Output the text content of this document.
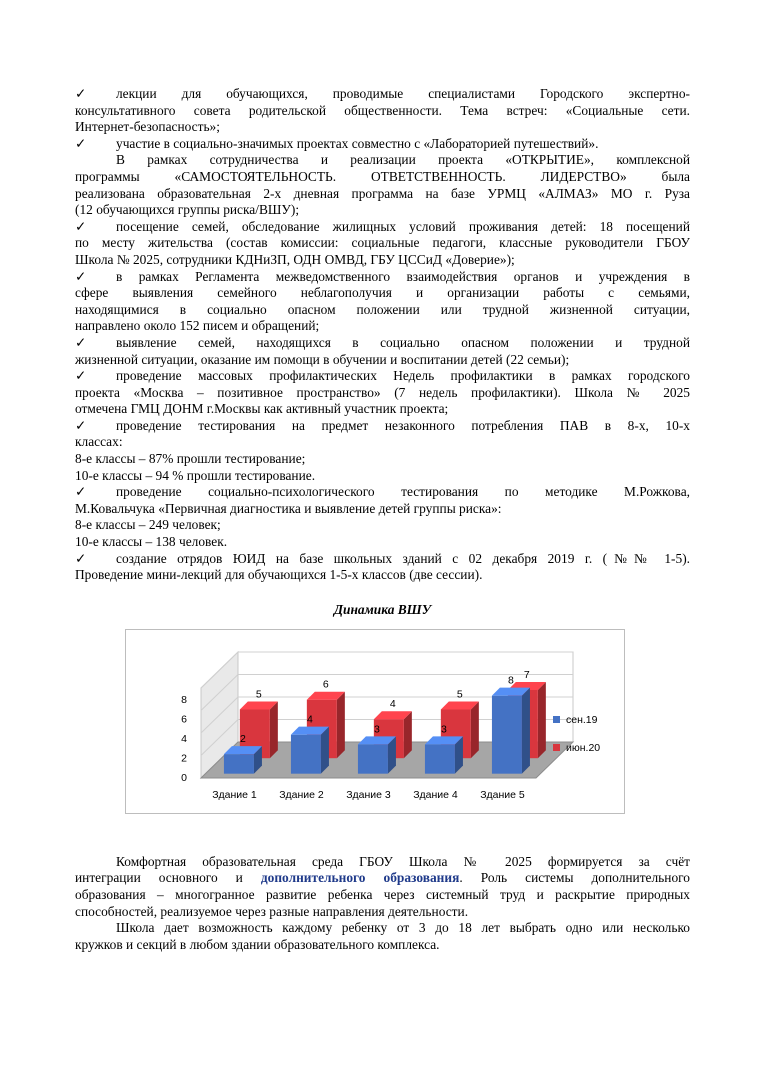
✓ лекции для обучающихся, проводимые специалистами Городского экспертно-
консультативного совета родительской общественности. Тема встреч: «Социальные сети.
Интернет-безопасность»;
✓ участие в социально-значимых проектах совместно с «Лабораторией путешествий».
В рамках сотрудничества и реализации проекта «ОТКРЫТИЕ», комплексной
программы «САМОСТОЯТЕЛЬНОСТЬ. ОТВЕТСТВЕННОСТЬ. ЛИДЕРСТВО» была
реализована образовательная 2-х дневная программа на базе УРМЦ «АЛМАЗ» МО г. Руза
(12 обучающихся группы риска/ВШУ);
✓ посещение семей, обследование жилищных условий проживания детей: 18 посещений
по месту жительства (состав комиссии: социальные педагоги, классные руководители ГБОУ
Школа № 2025, сотрудники КДНиЗП, ОДН ОМВД, ГБУ ЦССиД «Доверие»);
✓ в рамках Регламента межведомственного взаимодействия органов и учреждения в
сфере выявления семейного неблагополучия и организации работы с семьями,
находящимися в социально опасном положении или трудной жизненной ситуации,
направлено около 152 писем и обращений;
✓ выявление семей, находящихся в социально опасном положении и трудной
жизненной ситуации, оказание им помощи в обучении и воспитании детей (22 семьи);
✓ проведение массовых профилактических Недель профилактики в рамках городского
проекта «Москва – позитивное пространство» (7 недель профилактики). Школа № 2025
отмечена ГМЦ ДОНМ г.Москвы как активный участник проекта;
✓ проведение тестирования на предмет незаконного потребления ПАВ в 8-х, 10-х
классах:
8-е классы – 87% прошли тестирование;
10-е классы – 94 % прошли тестирование.
✓ проведение социально-психологического тестирования по методике М.Рожкова,
М.Ковальчука «Первичная диагностика и выявление детей группы риска»:
8-е классы – 249 человек;
10-е классы – 138 человек.
✓ создание отрядов ЮИД на базе школьных зданий с 02 декабря 2019 г. (№№ 1-5).
Проведение мини-лекций для обучающихся 1-5-х классов (две сессии).
Динамика ВШУ
0
2
4
6
8	5
6
4
5
7
2
4
3	3
8
Здание 1 Здание 2 Здание 3 Здание 4 Здание 5
сен.19
июн.20
Комфортная образовательная среда ГБОУ Школа № 2025 формируется за счёт
интеграции основного и дополнительного образования. Роль системы дополнительного
образования – многогранное развитие ребенка через системный труд и раскрытие природных
способностей, реализуемое через разные направления деятельности.
Школа дает возможность каждому ребенку от 3 до 18 лет выбрать одно или несколько
кружков и секций в любом здании образовательного комплекса.
